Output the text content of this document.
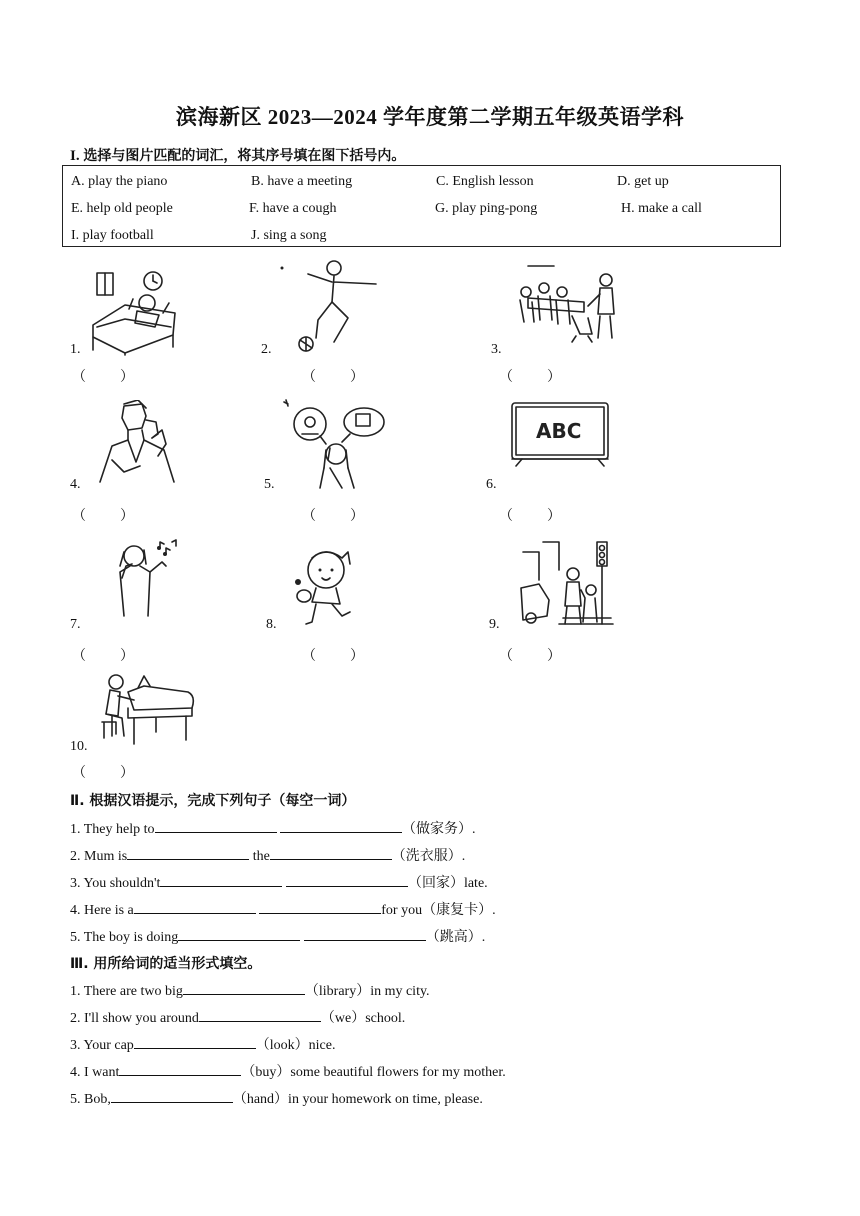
滨海新区 2023—2024 学年度第二学期五年级英语学科
I. 选择与图片匹配的词汇，将其序号填在图下括号内。
A. play the piano	B. have a meeting	C. English lesson	D. get up
E. help old people	F. have a cough	G. play ping-pong	H. make a call
I. play football	J. sing a song
1.
（　　）
2.
（　　）
3.
（　　）
4.
（　　）
5.
（　　）
ABC
6.
（　　）
7.
（　　）
8.
（　　）
9.
（　　）
10.
（　　）
Ⅱ. 根据汉语提示，完成下列句子（每空一词）
1. They help to	（做家务）.
2. Mum is	the	（洗衣服）.
3. You shouldn't	（回家）late.
4. Here is a	for you（康复卡）.
5. The boy is doing	（跳高）.
Ⅲ. 用所给词的适当形式填空。
1. There are two big	（library）in my city.
2. I'll show you around	（we）school.
3. Your cap	（look）nice.
4. I want	（buy）some beautiful flowers for my mother.
5. Bob,	（hand）in your homework on time, please.
